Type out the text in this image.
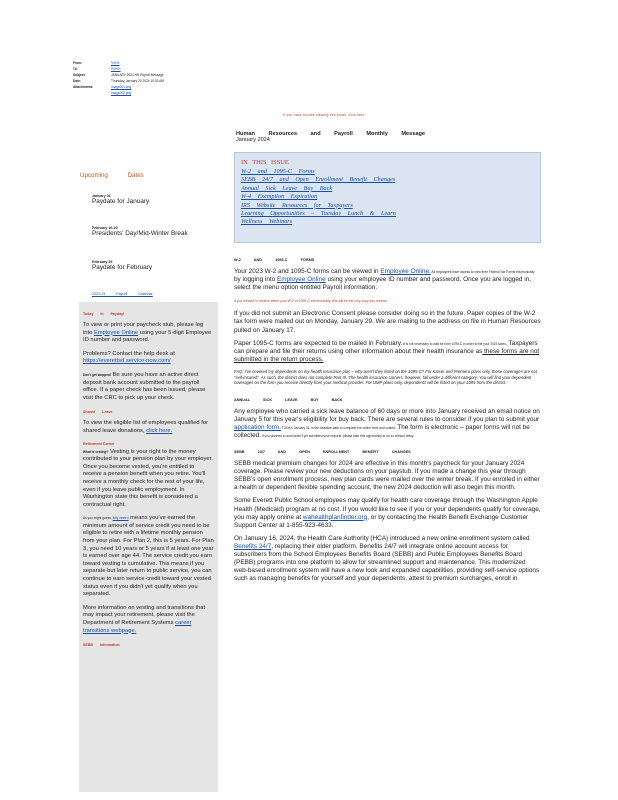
From:	%%%
To:	Pd%%
Subject:	JANUARY 2024 HR Payroll Message
Date:	Thursday, January 25 2024 10:03 AM
Attachments:	image001.png
image002.png
If you have trouble viewing this email, click here.
Human Resources and Payroll Monthly Message
January 2024
IN THIS ISSUE
W-2 and 1095-C Forms
SEBB 24/7 and Open Enrollment Benefit Changes
Annual Sick Leave Buy Back
W-4 Exemption Expiration
IRS Website Resources for Taxpayers
Learning Opportunities – Tuesday Lunch & Learn
Wellness Webinars
Upcoming Dates
January 31
Paydate for January
February 16-20
Presidents' Day/Mid-Winter Break
February 29
Paydate for February
2023-24 Payroll Calendar
Today In Payday!

To view or print your paycheck stub, please log into Employee Online using your 5-digit Employee ID number and password.

Problems? Contact the help desk at https://everettsd.service-now.com/

Don't get stopped! Be sure you have an active direct deposit bank account submitted to the payroll office. If a paper check has been issued, please visit the CRC to pick up your check.

Shared Leave

To view the eligible list of employees qualified for shared leave donations, click here.

Retirement Corner

What is vesting? Vesting is your right to the money contributed to your pension plan by your employer. Once you become vested, you're entitled to receive a pension benefit when you retire. You'll receive a monthly check for the rest of your life, even if you leave public employment. In Washington state this benefit is considered a contractual right.

As you might guess, fully vested means you've earned the minimum amount of service credit you need to be eligible to retire with a lifetime monthly pension from your plan. For Plan 2, this is 5 years. For Plan 3, you need 10 years or 5 years if at least one year is earned over age 44. The service credit you earn toward vesting is cumulative. This means if you separate but later return to public service, you can continue to earn service credit toward your vested status even if you didn't yet qualify when you separated.

More information on vesting and transitions that may impact your retirement, please visit the Department of Retirement Systems career transitions webpage.

SEBB Information
W-2 AND 1095-C FORMS

Your 2023 W-2 and 1095-C forms can be viewed in Employee Online. All employees have access to view their Federal Tax Forms electronically by logging into Employee Online using your employee ID number and password. Once you are logged in, select the menu option entitled Payroll information.

If you elected to receive either your W-2 or 1095-C electronically, this will be the only copy you receive.

If you did not submit an Electronic Consent please consider doing so in the future. Paper copies of the W-2 tax form were mailed out on Monday, January 29. We are mailing to the address on file in Human Resources pulled on January 17.

Paper 1095-C forms are expected to be mailed in February. It is not necessary to wait for form 1095-C in order to file your 2023 taxes. Taxpayers can prepare and file their returns using other information about their health insurance as these forms are not submitted in the return process.

FAQ: I've covered my dependents on my health insurance plan – why aren't they listed on the 1095-C? For Kaiser and Premera plans only, these coverages are not "self-insured". As such, the district does not complete Part III. The health insurance carriers, however, fall under a different category. You will find your dependent coverages on the form you receive directly from your medical provider. For UMP plans only, dependents will be listed on your 1095 from the district.

ANNUAL SICK LEAVE BUY BACK

Any employee who carried a sick leave balance of 60 days or more into January received an email notice on January 5 for this year's eligibility for buy back. There are several rules to consider if you plan to submit your application form. TODAY, January 31, is the deadline date to complete the online form and submit. The form is electronic – paper forms will not be collected. If you planned to and haven't yet submitted your request, please take this opportunity to do so without delay.

SEBB 24/7 AND OPEN ENROLLMENT BENEFIT CHANGES

SEBB medical premium changes for 2024 are effective in this month's paycheck for your January 2024 coverage. Please review your new deductions on your paystub. If you made a change this year through SEBB's open enrollment process, new plan cards were mailed over the winter break. If you enrolled in either a health or dependent flexible spending account, the new 2024 deduction will also begin this month.

Some Everett Public School employees may qualify for health care coverage through the Washington Apple Health (Medicaid) program at no cost. If you would like to see if you or your dependents qualify for coverage, you may apply online at wahealthplanfinder.org, or by contacting the Health Benefit Exchange Customer Support Center at 1-855-923-4633.

On January 16, 2024, the Health Care Authority (HCA) introduced a new online enrollment system called Benefits 24/7, replacing their older platform. Benefits 24/7 will integrate online account access for subscribers from the School Employees Benefits Board (SEBB) and Public Employees Benefits Board (PEBB) programs into one platform to allow for streamlined support and maintenance. This modernized web-based enrollment system will have a new look and expanded capabilities, providing self-service options such as managing benefits for yourself and your dependents, attest to premium surcharges, enroll in
